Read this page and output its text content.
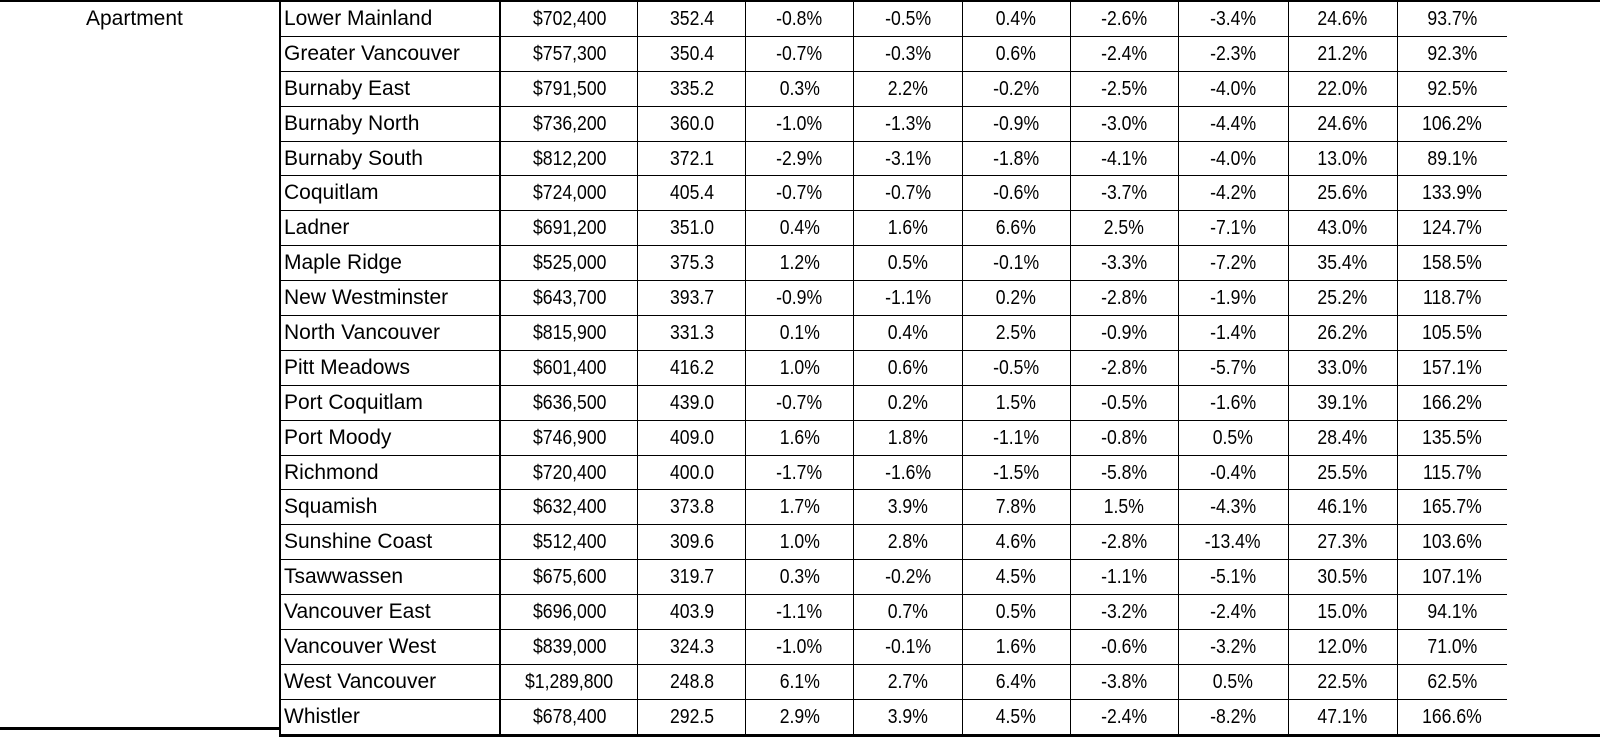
Apartment	Lower Mainland	$702,400	352.4	-0.8%	-0.5%	0.4%	-2.6%	-3.4%	24.6%	93.7%
Greater Vancouver	$757,300	350.4	-0.7%	-0.3%	0.6%	-2.4%	-2.3%	21.2%	92.3%
Burnaby East	$791,500	335.2	0.3%	2.2%	-0.2%	-2.5%	-4.0%	22.0%	92.5%
Burnaby North	$736,200	360.0	-1.0%	-1.3%	-0.9%	-3.0%	-4.4%	24.6%	106.2%
Burnaby South	$812,200	372.1	-2.9%	-3.1%	-1.8%	-4.1%	-4.0%	13.0%	89.1%
Coquitlam	$724,000	405.4	-0.7%	-0.7%	-0.6%	-3.7%	-4.2%	25.6%	133.9%
Ladner	$691,200	351.0	0.4%	1.6%	6.6%	2.5%	-7.1%	43.0%	124.7%
Maple Ridge	$525,000	375.3	1.2%	0.5%	-0.1%	-3.3%	-7.2%	35.4%	158.5%
New Westminster	$643,700	393.7	-0.9%	-1.1%	0.2%	-2.8%	-1.9%	25.2%	118.7%
North Vancouver	$815,900	331.3	0.1%	0.4%	2.5%	-0.9%	-1.4%	26.2%	105.5%
Pitt Meadows	$601,400	416.2	1.0%	0.6%	-0.5%	-2.8%	-5.7%	33.0%	157.1%
Port Coquitlam	$636,500	439.0	-0.7%	0.2%	1.5%	-0.5%	-1.6%	39.1%	166.2%
Port Moody	$746,900	409.0	1.6%	1.8%	-1.1%	-0.8%	0.5%	28.4%	135.5%
Richmond	$720,400	400.0	-1.7%	-1.6%	-1.5%	-5.8%	-0.4%	25.5%	115.7%
Squamish	$632,400	373.8	1.7%	3.9%	7.8%	1.5%	-4.3%	46.1%	165.7%
Sunshine Coast	$512,400	309.6	1.0%	2.8%	4.6%	-2.8%	-13.4%	27.3%	103.6%
Tsawwassen	$675,600	319.7	0.3%	-0.2%	4.5%	-1.1%	-5.1%	30.5%	107.1%
Vancouver East	$696,000	403.9	-1.1%	0.7%	0.5%	-3.2%	-2.4%	15.0%	94.1%
Vancouver West	$839,000	324.3	-1.0%	-0.1%	1.6%	-0.6%	-3.2%	12.0%	71.0%
West Vancouver	$1,289,800	248.8	6.1%	2.7%	6.4%	-3.8%	0.5%	22.5%	62.5%
Whistler	$678,400	292.5	2.9%	3.9%	4.5%	-2.4%	-8.2%	47.1%	166.6%
